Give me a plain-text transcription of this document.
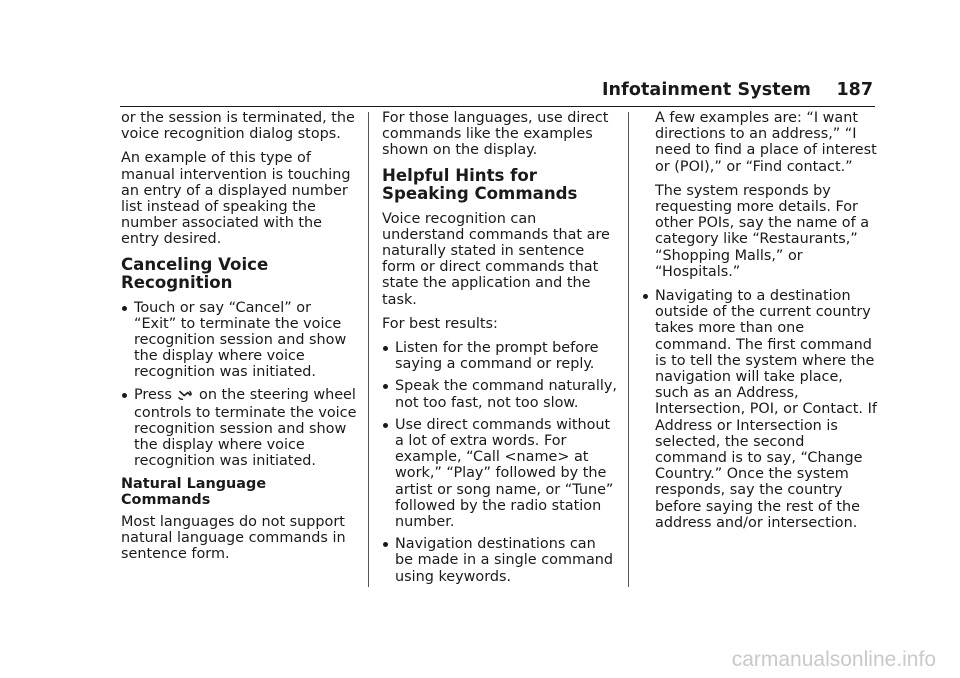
Infotainment System 187

or the session is terminated, the voice recognition dialog stops.

An example of this type of manual intervention is touching an entry of a displayed number list instead of speaking the number associated with the entry desired.

Canceling Voice Recognition
Touch or say “Cancel” or “Exit” to terminate the voice recognition session and show the display where voice recognition was initiated.
Press on the steering wheel controls to terminate the voice recognition session and show the display where voice recognition was initiated.

Natural Language Commands

Most languages do not support natural language commands in sentence form.

For those languages, use direct commands like the examples shown on the display.

Helpful Hints for Speaking Commands

Voice recognition can understand commands that are naturally stated in sentence form or direct commands that state the application and the task.

For best results:

Listen for the prompt before saying a command or reply.
Speak the command naturally, not too fast, not too slow.
Use direct commands without a lot of extra words. For example, “Call <name> at work,” “Play” followed by the artist or song name, or “Tune” followed by the radio station number.
Navigation destinations can be made in a single command using keywords.

A few examples are: “I want directions to an address,” “I need to find a place of interest or (POI),” or “Find contact.”

The system responds by requesting more details. For other POIs, say the name of a category like “Restaurants,” “Shopping Malls,” or “Hospitals.”

Navigating to a destination outside of the current country takes more than one command. The first command is to tell the system where the navigation will take place, such as an Address, Intersection, POI, or Contact. If Address or Intersection is selected, the second command is to say, “Change Country.” Once the system responds, say the country before saying the rest of the address and/or intersection.
carmanualsonline.info
